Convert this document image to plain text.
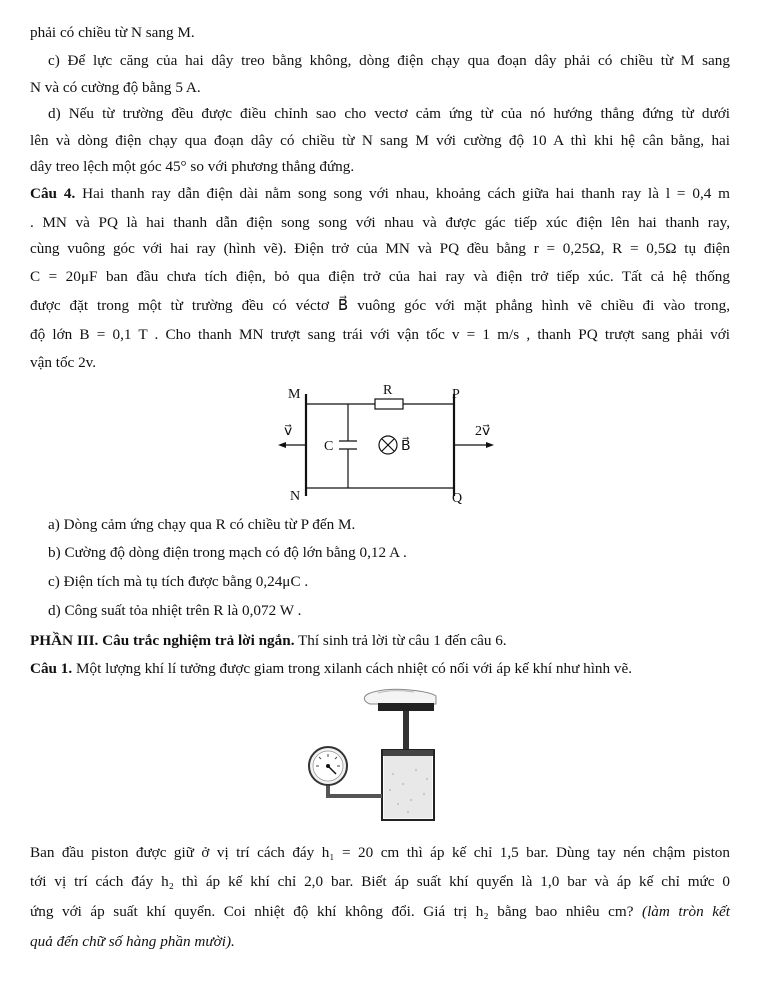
phải có chiều từ N sang M.
c) Để lực căng của hai dây treo bằng không, dòng điện chạy qua đoạn dây phải có chiều từ M sang
N và có cường độ bằng 5 A.
d) Nếu từ trường đều được điều chỉnh sao cho vectơ cảm ứng từ của nó hướng thẳng đứng từ dưới
lên và dòng điện chạy qua đoạn dây có chiều từ N sang M với cường độ 10 A thì khi hệ cân bằng, hai
dây treo lệch một góc 45° so với phương thẳng đứng.
Câu 4. Hai thanh ray dẫn điện dài nằm song song với nhau, khoảng cách giữa hai thanh ray là l = 0,4 m
. MN và PQ là hai thanh dẫn điện song song với nhau và được gác tiếp xúc điện lên hai thanh ray,
cùng vuông góc với hai ray (hình vẽ). Điện trở của MN và PQ đều bằng r = 0,25Ω, R = 0,5Ω tụ điện
C = 20μF ban đầu chưa tích điện, bỏ qua điện trở của hai ray và điện trở tiếp xúc. Tất cả hệ thống
được đặt trong một từ trường đều có véctơ B⃗ vuông góc với mặt phẳng hình vẽ chiều đi vào trong,
độ lớn B = 0,1 T . Cho thanh MN trượt sang trái với vận tốc v = 1 m/s , thanh PQ trượt sang phải với
vận tốc 2v.
M	R	P
v⃗
C	B⃗
2v⃗
N	Q
a) Dòng cảm ứng chạy qua R có chiều từ P đến M.
b) Cường độ dòng điện trong mạch có độ lớn bằng 0,12 A .
c) Điện tích mà tụ tích được bằng 0,24μC .
d) Công suất tỏa nhiệt trên R là 0,072 W .
PHẦN III. Câu trắc nghiệm trả lời ngắn. Thí sinh trả lời từ câu 1 đến câu 6.
Câu 1. Một lượng khí lí tưởng được giam trong xilanh cách nhiệt có nối với áp kế khí như hình vẽ.
Ban đầu piston được giữ ở vị trí cách đáy h₁ = 20 cm thì áp kế chỉ 1,5 bar. Dùng tay nén chậm piston
tới vị trí cách đáy h₂ thì áp kế khí chỉ 2,0 bar. Biết áp suất khí quyển là 1,0 bar và áp kế chỉ mức 0
ứng với áp suất khí quyển. Coi nhiệt độ khí không đổi. Giá trị h₂ bằng bao nhiêu cm? (làm tròn kết
quả đến chữ số hàng phần mười).
